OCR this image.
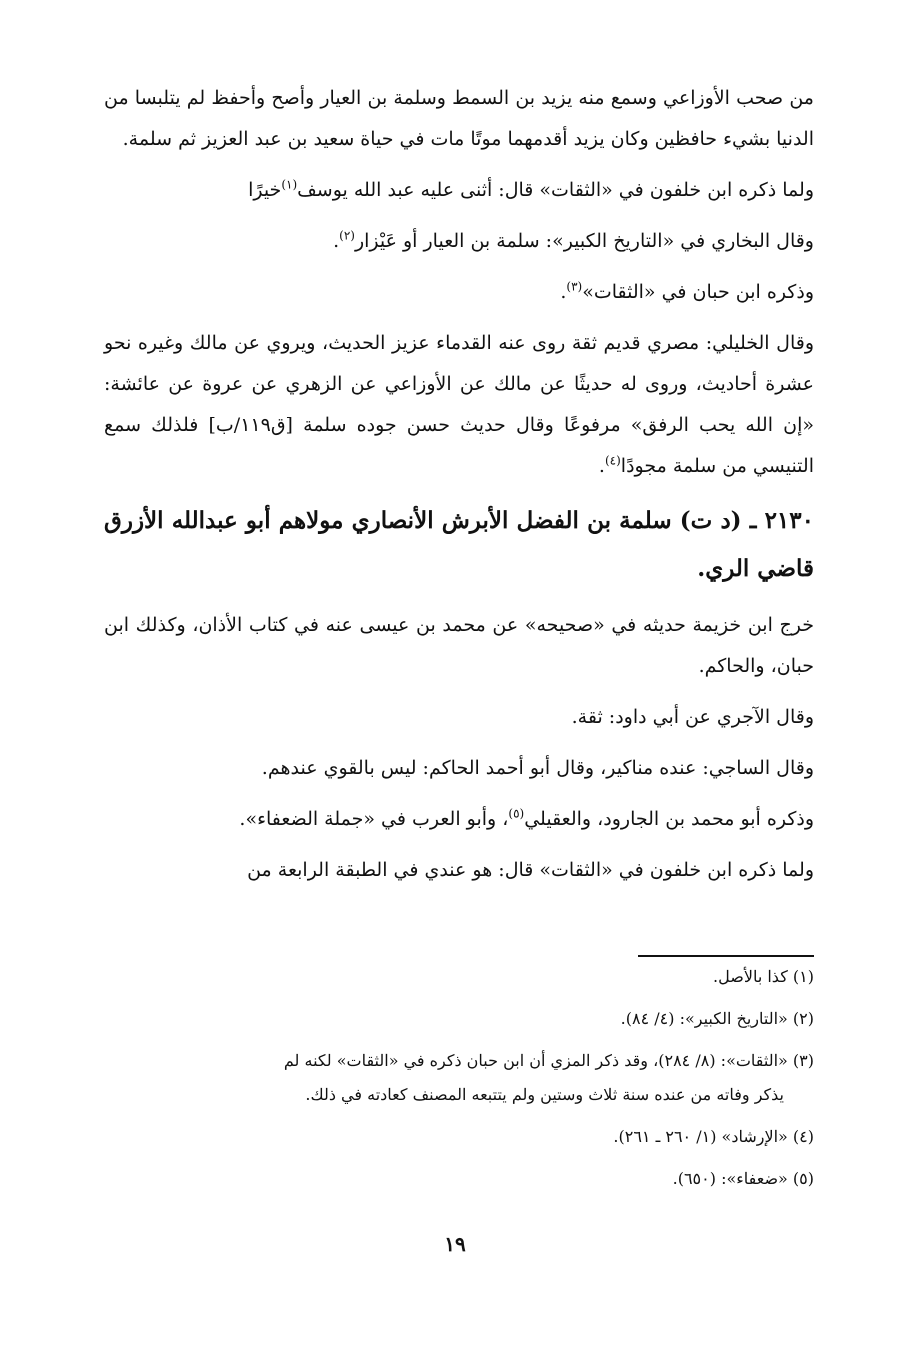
من صحب الأوزاعي وسمع منه يزيد بن السمط وسلمة بن العيار وأصح وأحفظ لم يتلبسا من الدنيا بشيء حافظين وكان يزيد أقدمهما موتًا مات في حياة سعيد بن عبد العزيز ثم سلمة.

ولما ذكره ابن خلفون في «الثقات» قال: أثنى عليه عبد الله يوسف$^{(١)}$خيرًا

وقال البخاري في «التاريخ الكبير»: سلمة بن العيار أو عَيْزار$^{(٢)}$.

وذكره ابن حبان في «الثقات»$^{(٣)}$.

وقال الخليلي: مصري قديم ثقة روى عنه القدماء عزيز الحديث، ويروي عن مالك وغيره نحو عشرة أحاديث، وروى له حديثًا عن مالك عن الأوزاعي عن الزهري عن عروة عن عائشة: «إن الله يحب الرفق» مرفوعًا وقال حديث حسن جوده سلمة [ق١١٩/ب] فلذلك سمع التنيسي من سلمة مجودًا$^{(٤)}$.

٢١٣٠ ـ (د ت) سلمة بن الفضل الأبرش الأنصاري مولاهم أبو عبدالله الأزرق قاضي الري.

خرج ابن خزيمة حديثه في «صحيحه» عن محمد بن عيسى عنه في كتاب الأذان، وكذلك ابن حبان، والحاكم.

وقال الآجري عن أبي داود: ثقة.

وقال الساجي: عنده مناكير، وقال أبو أحمد الحاكم: ليس بالقوي عندهم.

وذكره أبو محمد بن الجارود، والعقيلي$^{(٥)}$، وأبو العرب في «جملة الضعفاء».

ولما ذكره ابن خلفون في «الثقات» قال: هو عندي في الطبقة الرابعة من

(١) كذا بالأصل.

(٢) «التاريخ الكبير»: (٤/ ٨٤).

(٣) «الثقات»: (٨/ ٢٨٤)، وقد ذكر المزي أن ابن حبان ذكره في «الثقات» لكنه لم
يذكر وفاته من عنده سنة ثلاث وستين ولم يتتبعه المصنف كعادته في ذلك.

(٤) «الإرشاد» (١/ ٢٦٠ ـ ٢٦١).

(٥) «ضعفاء»: (٦٥٠).

١٩
